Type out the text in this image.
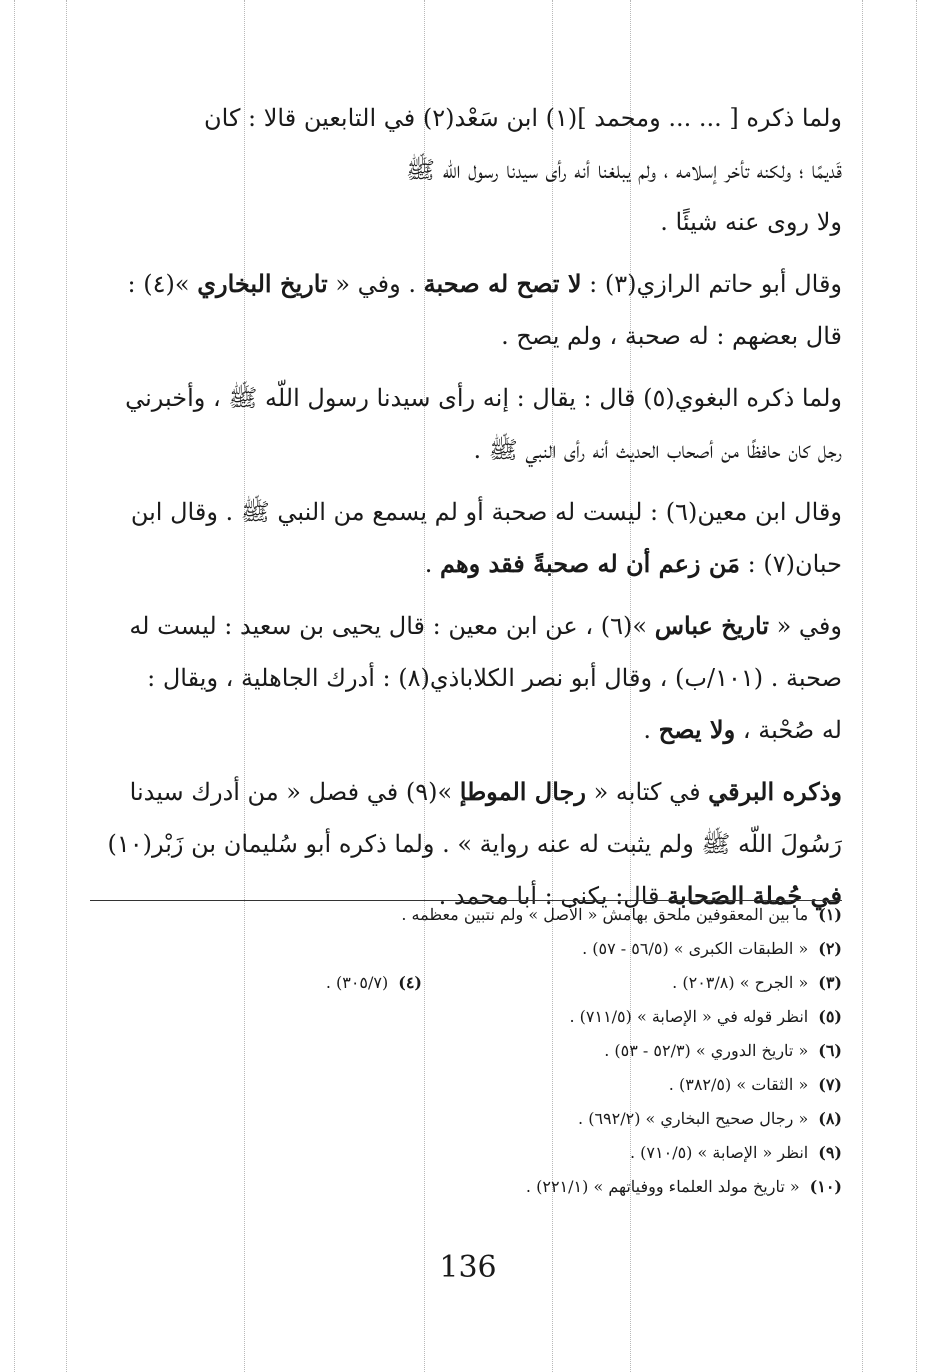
ولما ذكره [ ... ... ومحمد ](١) ابن سَعْد(٢) في التابعين قالا : كان
قَديمًا ؛ ولكنه تأخر إسلامه ، ولم يبلغنا أنه رأى سيدنا رسول اللّه ﷺ
ولا روى عنه شيئًا .

وقال أبو حاتم الرازي(٣) : لا تصح له صحبة . وفي « تاريخ البخاري »(٤) :
قال بعضهم : له صحبة ، ولم يصح .

ولما ذكره البغوي(٥) قال : يقال : إنه رأى سيدنا رسول اللّه ﷺ ، وأخبرني
رجل كان حافظًا من أصحاب الحديث أنه رأى النبي ﷺ .

وقال ابن معين(٦) : ليست له صحبة أو لم يسمع من النبي ﷺ . وقال ابن
حبان(٧) : مَن زعم أن له صحبةً فقد وهم .

وفي « تاريخ عباس »(٦) ، عن ابن معين : قال يحيى بن سعيد : ليست له
صحبة . (١٠١/ب) ، وقال أبو نصر الكلاباذي(٨) : أدرك الجاهلية ، ويقال :
له صُحْبة ، ولا يصح .

وذكره البرقي في كتابه « رجال الموطإ »(٩) في فصل « من أدرك سيدنا
رَسُولَ اللّه ﷺ ولم يثبت له عنه رواية » . ولما ذكره أبو سُليمان بن زَبْر(١٠)
في جُملة الصَحابة قال: يكنى : أبا محمد .

(١)ما بين المعقوفين ملحق بهامش « الأصل » ولم نتبين معظمه .
(٢)« الطبقات الكبرى » (٥٦/٥ - ٥٧) .
(٣)« الجرح » (٢٠٣/٨) .
(٤)(٣٠٥/٧) .
(٥)انظر قوله في « الإصابة » (٧١١/٥) .
(٦)« تاريخ الدوري » (٥٢/٣ - ٥٣) .
(٧)« الثقات » (٣٨٢/٥) .
(٨)« رجال صحيح البخاري » (٦٩٢/٢) .
(٩)انظر « الإصابة » (٧١٠/٥) .
(١٠)« تاريخ مولد العلماء ووفياتهم » (٢٢١/١) .
136
